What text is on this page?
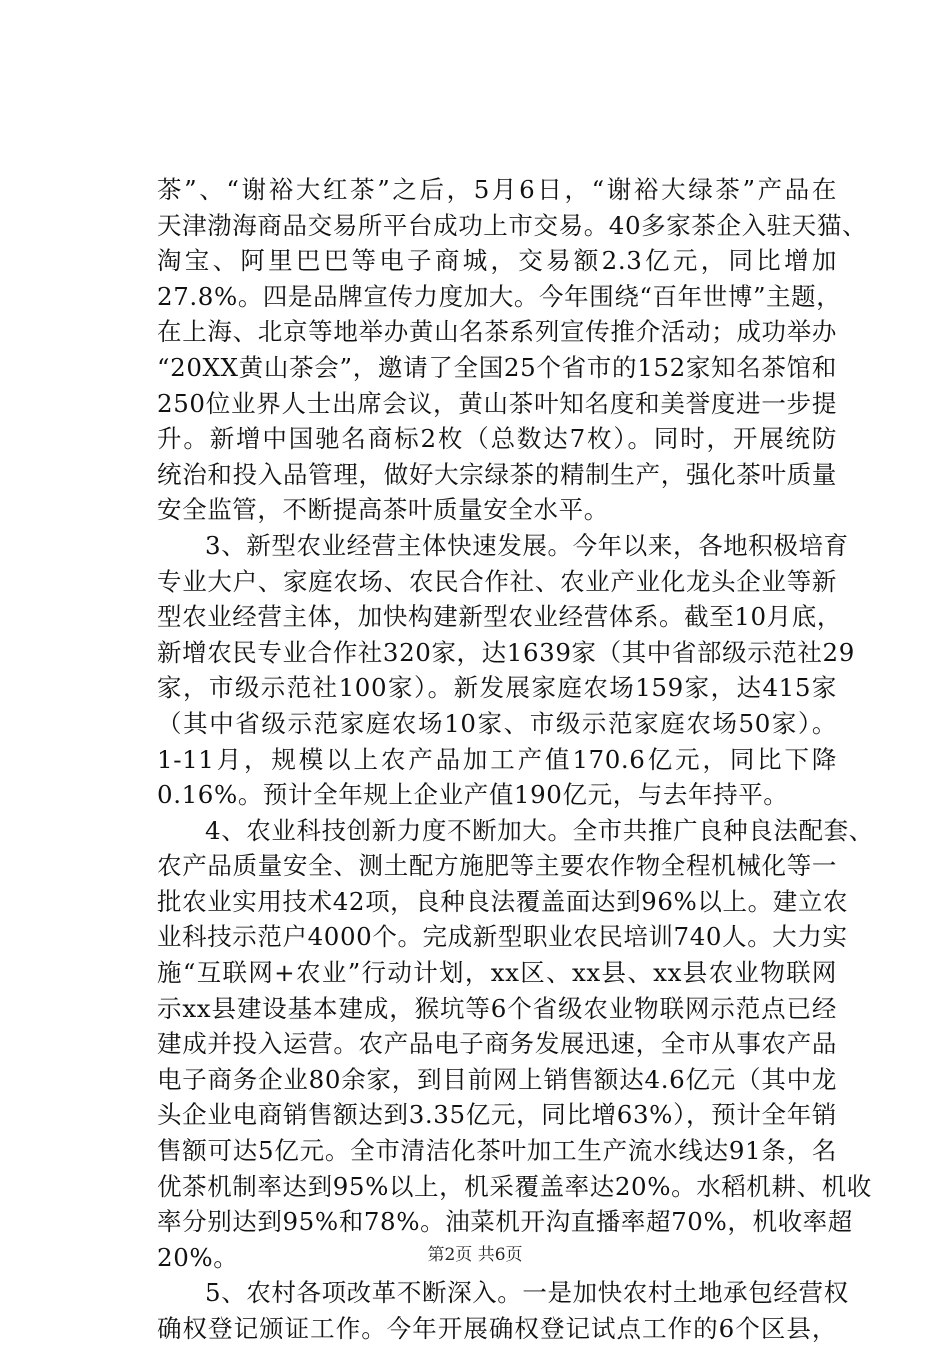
茶”、“谢裕大红茶”之后，5月6日，“谢裕大绿茶”产品在
天津渤海商品交易所平台成功上市交易。40多家茶企入驻天猫、
淘宝、阿里巴巴等电子商城，交易额2.3亿元，同比增加
27.8%。四是品牌宣传力度加大。今年围绕“百年世博”主题，
在上海、北京等地举办黄山名茶系列宣传推介活动；成功举办
“20XX黄山茶会”，邀请了全国25个省市的152家知名茶馆和
250位业界人士出席会议，黄山茶叶知名度和美誉度进一步提
升。新增中国驰名商标2枚（总数达7枚）。同时，开展统防
统治和投入品管理，做好大宗绿茶的精制生产，强化茶叶质量
安全监管，不断提高茶叶质量安全水平。
3、新型农业经营主体快速发展。今年以来，各地积极培育
专业大户、家庭农场、农民合作社、农业产业化龙头企业等新
型农业经营主体，加快构建新型农业经营体系。截至10月底，
新增农民专业合作社320家，达1639家（其中省部级示范社29
家，市级示范社100家）。新发展家庭农场159家，达415家
（其中省级示范家庭农场10家、市级示范家庭农场50家）。
1-11月，规模以上农产品加工产值170.6亿元，同比下降
0.16%。预计全年规上企业产值190亿元，与去年持平。
4、农业科技创新力度不断加大。全市共推广良种良法配套、
农产品质量安全、测土配方施肥等主要农作物全程机械化等一
批农业实用技术42项，良种良法覆盖面达到96%以上。建立农
业科技示范户4000个。完成新型职业农民培训740人。大力实
施“互联网+农业”行动计划，xx区、xx县、xx县农业物联网
示xx县建设基本建成，猴坑等6个省级农业物联网示范点已经
建成并投入运营。农产品电子商务发展迅速，全市从事农产品
电子商务企业80余家，到目前网上销售额达4.6亿元（其中龙
头企业电商销售额达到3.35亿元，同比增63%），预计全年销
售额可达5亿元。全市清洁化茶叶加工生产流水线达91条，名
优茶机制率达到95%以上，机采覆盖率达20%。水稻机耕、机收
率分别达到95%和78%。油菜机开沟直播率超70%，机收率超
20%。
5、农村各项改革不断深入。一是加快农村土地承包经营权
确权登记颁证工作。今年开展确权登记试点工作的6个区县，
第2页 共6页
